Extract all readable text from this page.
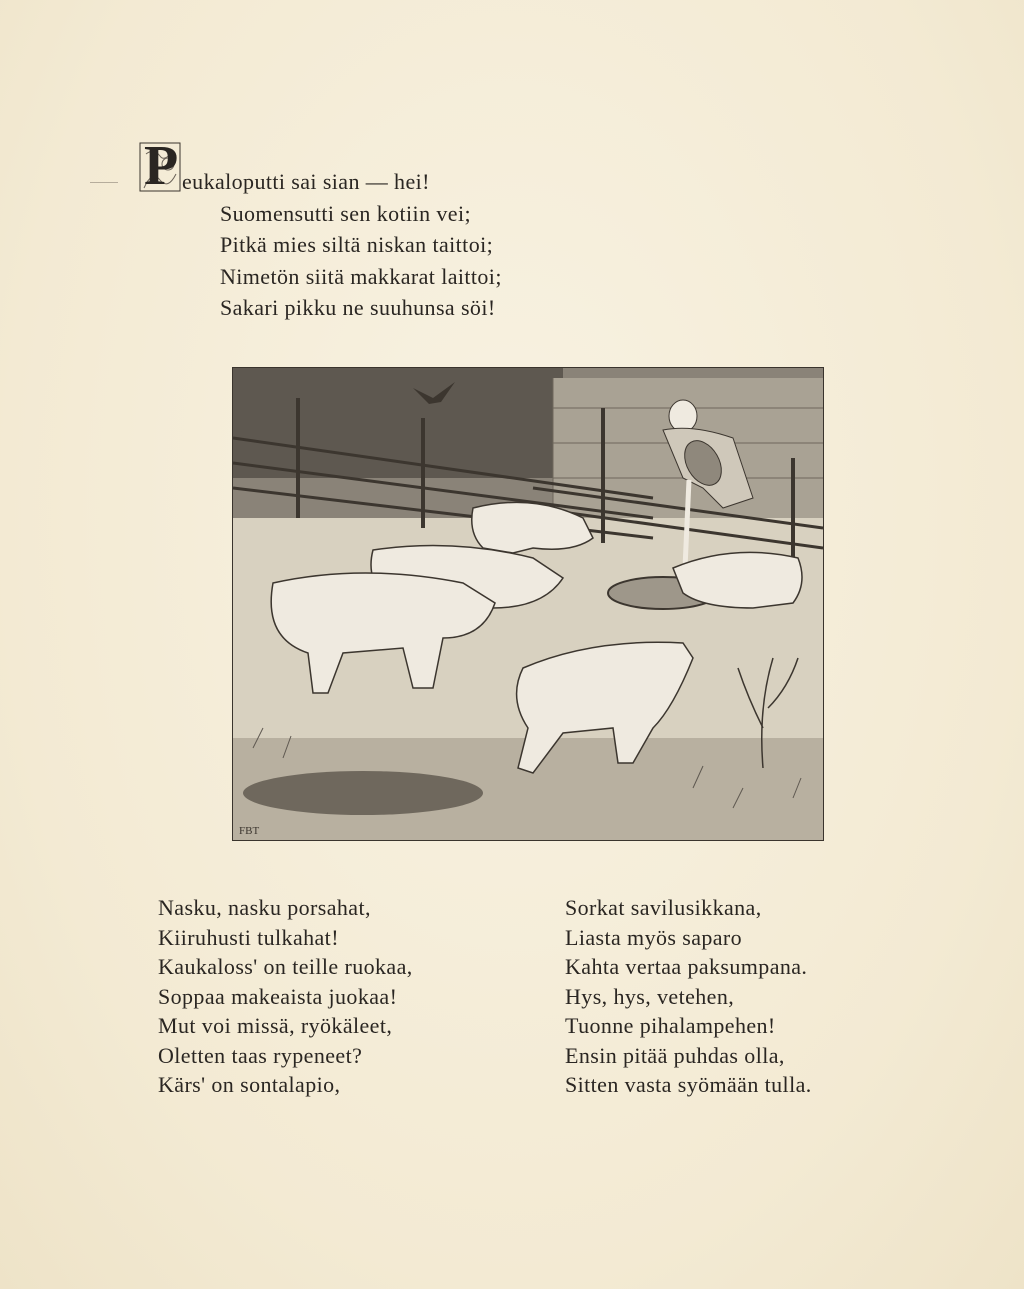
P eukaloputti sai sian — hei!
Suomensutti sen kotiin vei;
Pitkä mies siltä niskan taittoi;
Nimetön siitä makkarat laittoi;
Sakari pikku ne suuhunsa söi!
FBT
Nasku, nasku porsahat,
Kiiruhusti tulkahat!
Kaukaloss' on teille ruokaa,
Soppaa makeaista juokaa!
Mut voi missä, ryökäleet,
Oletten taas rypeneet?
Kärs' on sontalapio,
Sorkat savilusikkana,
Liasta myös saparo
Kahta vertaa paksumpana.
Hys, hys, vetehen,
Tuonne pihalampehen!
Ensin pitää puhdas olla,
Sitten vasta syömään tulla.
